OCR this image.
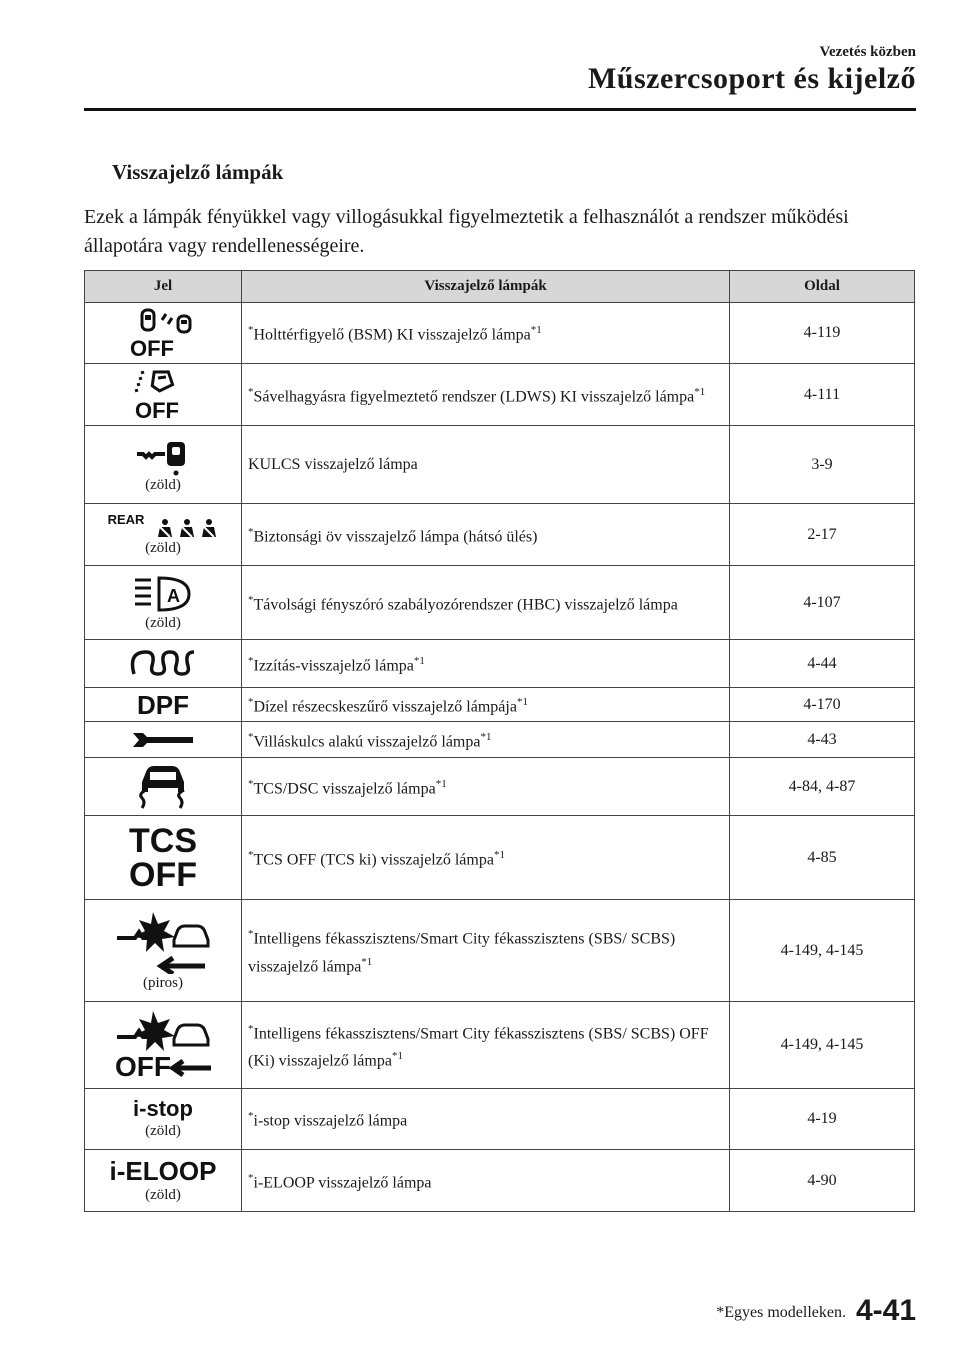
Vezetés közben
Műszercsoport és kijelző
Visszajelző lámpák
Ezek a lámpák fényükkel vagy villogásukkal figyelmeztetik a felhasználót a rendszer működési állapotára vagy rendellenességeire.
Jel	Visszajelző lámpák	Oldal

OFF	*Holttérfigyelő (BSM) KI visszajelző lámpa$^{*1}$	4-119

OFF	*Sávelhagyásra figyelmeztető rendszer (LDWS) KI visszajelző lámpa$^{*1}$	4-111

(zöld)	KULCS visszajelző lámpa	3-9

REAR
(zöld)	*Biztonsági öv visszajelző lámpa (hátsó ülés)	2-17

A
(zöld)	*Távolsági fényszóró szabályozórendszer (HBC) visszajelző lámpa	4-107

	*Izzítás-visszajelző lámpa$^{*1}$	4-44

DPF	*Dízel részecskeszűrő visszajelző lámpája$^{*1}$	4-170

	*Villáskulcs alakú visszajelző lámpa$^{*1}$	4-43

	*TCS/DSC visszajelző lámpa$^{*1}$	4-84, 4-87

TCS
OFF	*TCS OFF (TCS ki) visszajelző lámpa$^{*1}$	4-85

(piros)	*Intelligens fékasszisztens/Smart City fékasszisztens (SBS/ SCBS) visszajelző lámpa$^{*1}$	4-149, 4-145

OFF	*Intelligens fékasszisztens/Smart City fékasszisztens (SBS/ SCBS) OFF (Ki) visszajelző lámpa$^{*1}$	4-149, 4-145

i-stop
(zöld)	*i-stop visszajelző lámpa	4-19

i-ELOOP
(zöld)	*i-ELOOP visszajelző lámpa	4-90
*Egyes modelleken. 4-41
